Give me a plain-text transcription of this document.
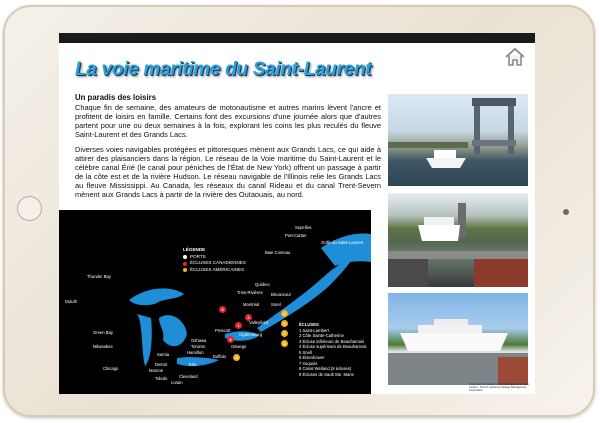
La voie maritime du Saint-Laurent
Un paradis des loisirs

Chaque fin de semaine, des amateurs de motonautisme et autres marins lèvent l'ancre et profitent de loisirs en famille. Certains font des excursions d'une journée alors que d'autres partent pour une ou deux semaines à la fois, explorant les coins les plus reculés du fleuve Saint-Laurent et des Grands Lacs.

Diverses voies navigables protégées et pittoresques mènent aux Grands Lacs, ce qui aide à attirer des plaisanciers dans la région. Le réseau de la Voie maritime du Saint-Laurent et le célèbre canal Érié (le canal pour péniches de l'État de New York) offrent un passage à partir de la côte est et de la rivière Hudson. Le réseau navigable de l'Illinois relie les Grands Lacs au fleuve Mississippi. Au Canada, les réseaux du canal Rideau et du canal Trent-Severn mènent aux Grands Lacs à partir de la rivière des Outaouais, au nord.

LÉGENDE
PORTS
ÉCLUSES CANADIENNES
ÉCLUSES AMÉRICAINES
ÉCLUSES
1 Saint-Lambert
2 Côte Sainte-Catherine
3 Écluse inférieure de Beauharnois
4 Écluse supérieure de Beauharnois
5 Snell
6 Eisenhower
7 Iroquois
8 Canal Welland (8 écluses)
9 Écluses de Sault Ste. Marie
Sept-Îles
Port-Cartier
Golfe du Saint-Laurent
Baie Comeau
Québec
Trois-Rivières Bécancour
Montréal	Sorel
Thunder Bay
Duluth
Green Bay
Milwaukee
Chicago
Prescott
Ogdensburg
Valleyfield
Oshawa
Toronto
Hamilton
Oswego
Buffalo
Sarnia
Detroit	Erie
Monroe
Toledo	Cleveland
Lorain
9
2
1
8
5
6
7
3
4
Corporation de Gestion de la Voie Maritime du Saint-Laurent · The St. Lawrence Seaway Management Corporation
